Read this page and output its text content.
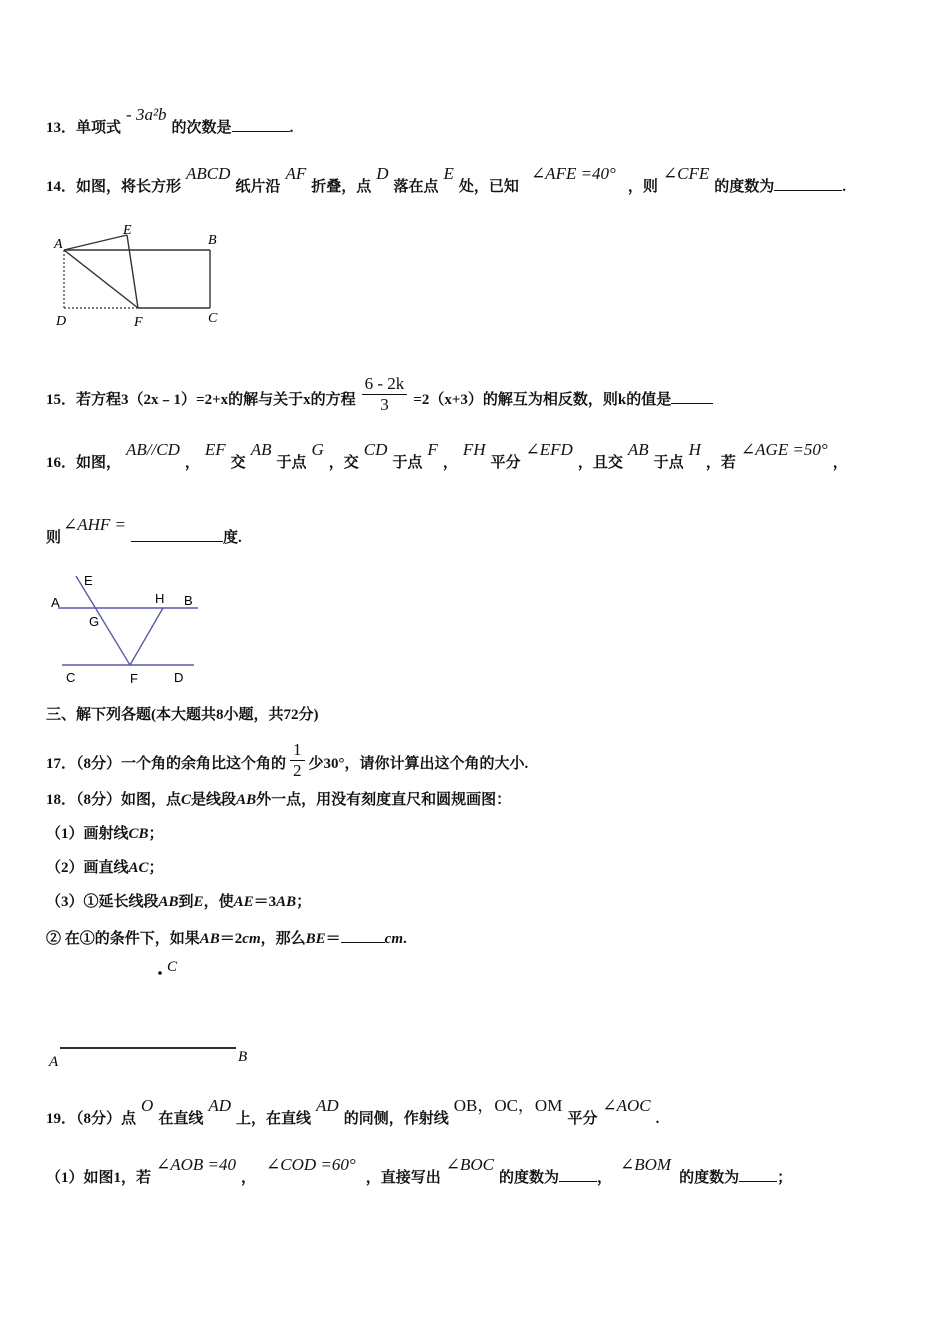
13．单项式- 3a²b的次数是	.
14．如图，将长方形ABCD纸片沿AF折叠，点D落在点E处，已知∠AFE =40°，则∠CFE的度数为	.
A
E
B
D	F	C
15．若方程3（2x﹣1）=2+x的解与关于x的方程 $\frac{6 - 2k}{3} =2(x+3)$的解互为相反数，则k的值是
16．如图，AB//CD，EF交AB于点G，交CD于点F，FH平分∠EFD，且交AB于点H，若∠AGE =50°，
则∠AHF =度.
E
A	H B
G
C	F	D
三、解下列各题(本大题共8小题，共72分)
17．（8分）一个角的余角比这个角的 $\frac{1}{2}$ 少30°，请你计算出这个角的大小.
18．（8分）如图，点C是线段AB外一点，用没有刻度直尺和圆规画图：
（1）画射线CB；
（2）画直线AC；
（3）①延长线段AB到E，使AE＝3AB；
② 在①的条件下，如果AB＝2cm，那么BE＝	cm.
C
A	B
19．（8分）点O在直线AD上，在直线AD的同侧，作射线OB，OC，OM平分∠AOC.
（1）如图1，若∠AOB =40，∠COD =60°，直接写出∠BOC的度数为	，∠BOM的度数为	；
